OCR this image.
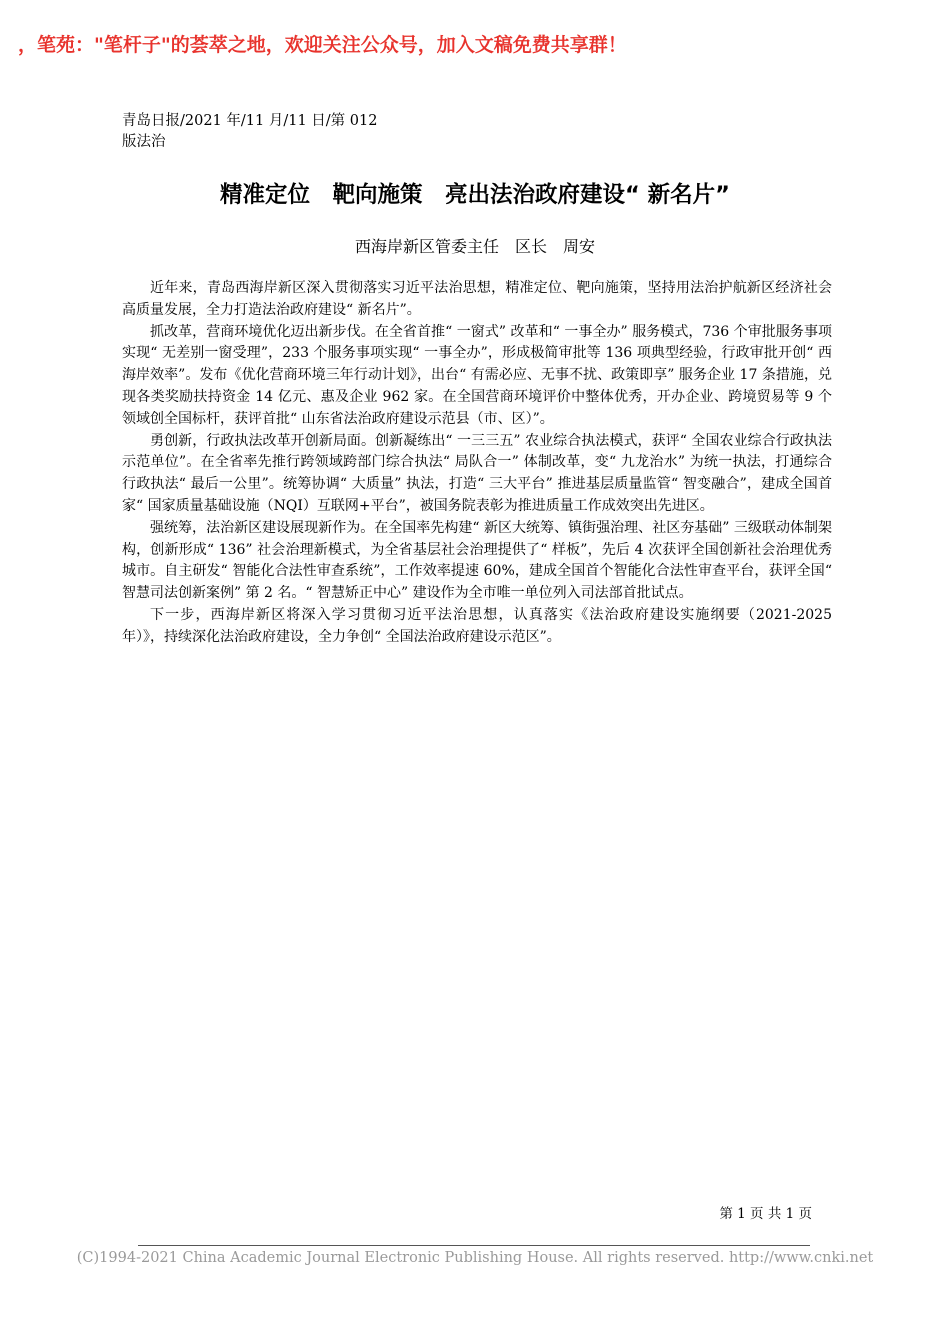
，笔苑："笔杆子"的荟萃之地，欢迎关注公众号，加入文稿免费共享群！
青岛日报/2021 年/11 月/11 日/第 012
版法治
精准定位　靶向施策　亮出法治政府建设“ 新名片”
西海岸新区管委主任　区长　周安

近年来，青岛西海岸新区深入贯彻落实习近平法治思想，精准定位、靶向施策，坚持用法治护航新区经济社会高质量发展，全力打造法治政府建设“ 新名片”。

抓改革，营商环境优化迈出新步伐。在全省首推“ 一窗式” 改革和“ 一事全办” 服务模式，736 个审批服务事项实现“ 无差别一窗受理”，233 个服务事项实现“ 一事全办”，形成极简审批等 136 项典型经验，行政审批开创“ 西海岸效率”。发布《优化营商环境三年行动计划》，出台“ 有需必应、无事不扰、政策即享” 服务企业 17 条措施，兑现各类奖励扶持资金 14 亿元、惠及企业 962 家。在全国营商环境评价中整体优秀，开办企业、跨境贸易等 9 个领域创全国标杆，获评首批“ 山东省法治政府建设示范县（市、区）”。

勇创新，行政执法改革开创新局面。创新凝练出“ 一三三五” 农业综合执法模式，获评“ 全国农业综合行政执法示范单位”。在全省率先推行跨领域跨部门综合执法“ 局队合一” 体制改革，变“ 九龙治水” 为统一执法，打通综合行政执法“ 最后一公里”。统筹协调“ 大质量” 执法，打造“ 三大平台” 推进基层质量监管“ 智变融合”，建成全国首家“ 国家质量基础设施（NQI）互联网+平台”，被国务院表彰为推进质量工作成效突出先进区。

强统筹，法治新区建设展现新作为。在全国率先构建“ 新区大统筹、镇街强治理、社区夯基础” 三级联动体制架构，创新形成“ 136” 社会治理新模式，为全省基层社会治理提供了“ 样板”，先后 4 次获评全国创新社会治理优秀城市。自主研发“ 智能化合法性审查系统”，工作效率提速 60%，建成全国首个智能化合法性审查平台，获评全国“ 智慧司法创新案例” 第 2 名。“ 智慧矫正中心” 建设作为全市唯一单位列入司法部首批试点。

下一步，西海岸新区将深入学习贯彻习近平法治思想，认真落实《法治政府建设实施纲要（2021-2025 年）》，持续深化法治政府建设，全力争创“ 全国法治政府建设示范区”。

第 1 页 共 1 页
(C)1994-2021 China Academic Journal Electronic Publishing House. All rights reserved. http://www.cnki.net
